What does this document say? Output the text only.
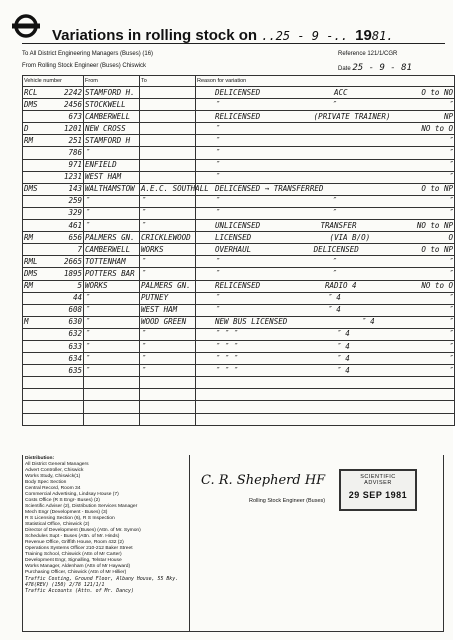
Variations in rolling stock on ..25 - 9 -.. 1981.
To All District Engineering Managers (Buses) (16)
From Rolling Stock Engineer (Buses) Chiswick
Reference 121/1/CGR
Date 25 - 9 - 81
Vehicle number	From	To	Reason for variation

RCL 2242	STAMFORD H.		DELICENSED ACC O to NO

DMS 2456	STOCKWELL		″ ″ ″

673	CAMBERWELL		RELICENSED (PRIVATE TRAINER) NP

D 1201	NEW CROSS		″ NO to O

RM 251	STAMFORD H		″ ″

786	″		″ ″

971	ENFIELD		″ ″

1231	WEST HAM		″ ″

DMS 143	WALTHAMSTOW	A.E.C. SOUTHALL	DELICENSED → TRANSFERRED O to NP

259	″	″	″ ″ ″

329	″	″	″ ″ ″

461	″	″	UNLICENSED TRANSFER NO to NP

RM 656	PALMERS GN.	CRICKLEWOOD	LICENSED (VIA B/O) O

7	CAMBERWELL	WORKS	OVERHAUL DELICENSED O to NP

RML 2665	TOTTENHAM	″	″ ″ ″

DMS 1895	POTTERS BAR	″	″ ″ ″

RM 5	WORKS	PALMERS GN.	RELICENSED RADIO 4 NO to O

44	″	PUTNEY	″ ″ 4 ″

608	″	WEST HAM	″ ″ 4 ″

M 630	″	WOOD GREEN	NEW BUS LICENSED ″ 4 ″

632	″	″	″ ″ ″ ″ 4 ″

633	″	″	″ ″ ″ ″ 4 ″

634	″	″	″ ″ ″ ″ 4 ″

635	″	″	″ ″ ″ ″ 4 ″

Distribution:
All District General Managers
Advert Controller, Chiswick
Works Study, Chiswick(1)
Body Spec Section
Central Record, Room 34
Commercial Advertising, Lindsay House (7)
Costs Office (R S Engr- Buses) (2)
Scientific Adviser (2), Distribution Services Manager
Mech Engr (Development - Buses) (3)
R S Licensing Section (6), R S Inspection
Statistical Office, Chiswick (2)
Director of Development (Buses) (Attn. of Mr. Symon)
Schedules Supt - Buses (Attn. of Mr. Hinds)
Revenue Office, Griffith House, Room 432 (2)
Operations Systems Officer 210-212 Baker Street
Training School, Chiswick (Attn of Mr Carter)
Development Engr, Signalling, Telstar House
Works Manager, Aldenham (Attn of Mr Hayward)
Purchasing Officer, Chiswick (Attn of Mr Hillier)
Traffic Costing, Ground Floor, Albany House, 55 Bky.
478(REV) (150) 2/78 121/1/1
Traffic Accounts (Attn. of Mr. Dancy)
C. R. Shepherd HF
Rolling Stock Engineer (Buses)
SCIENTIFIC
ADVISER
29 SEP 1981
